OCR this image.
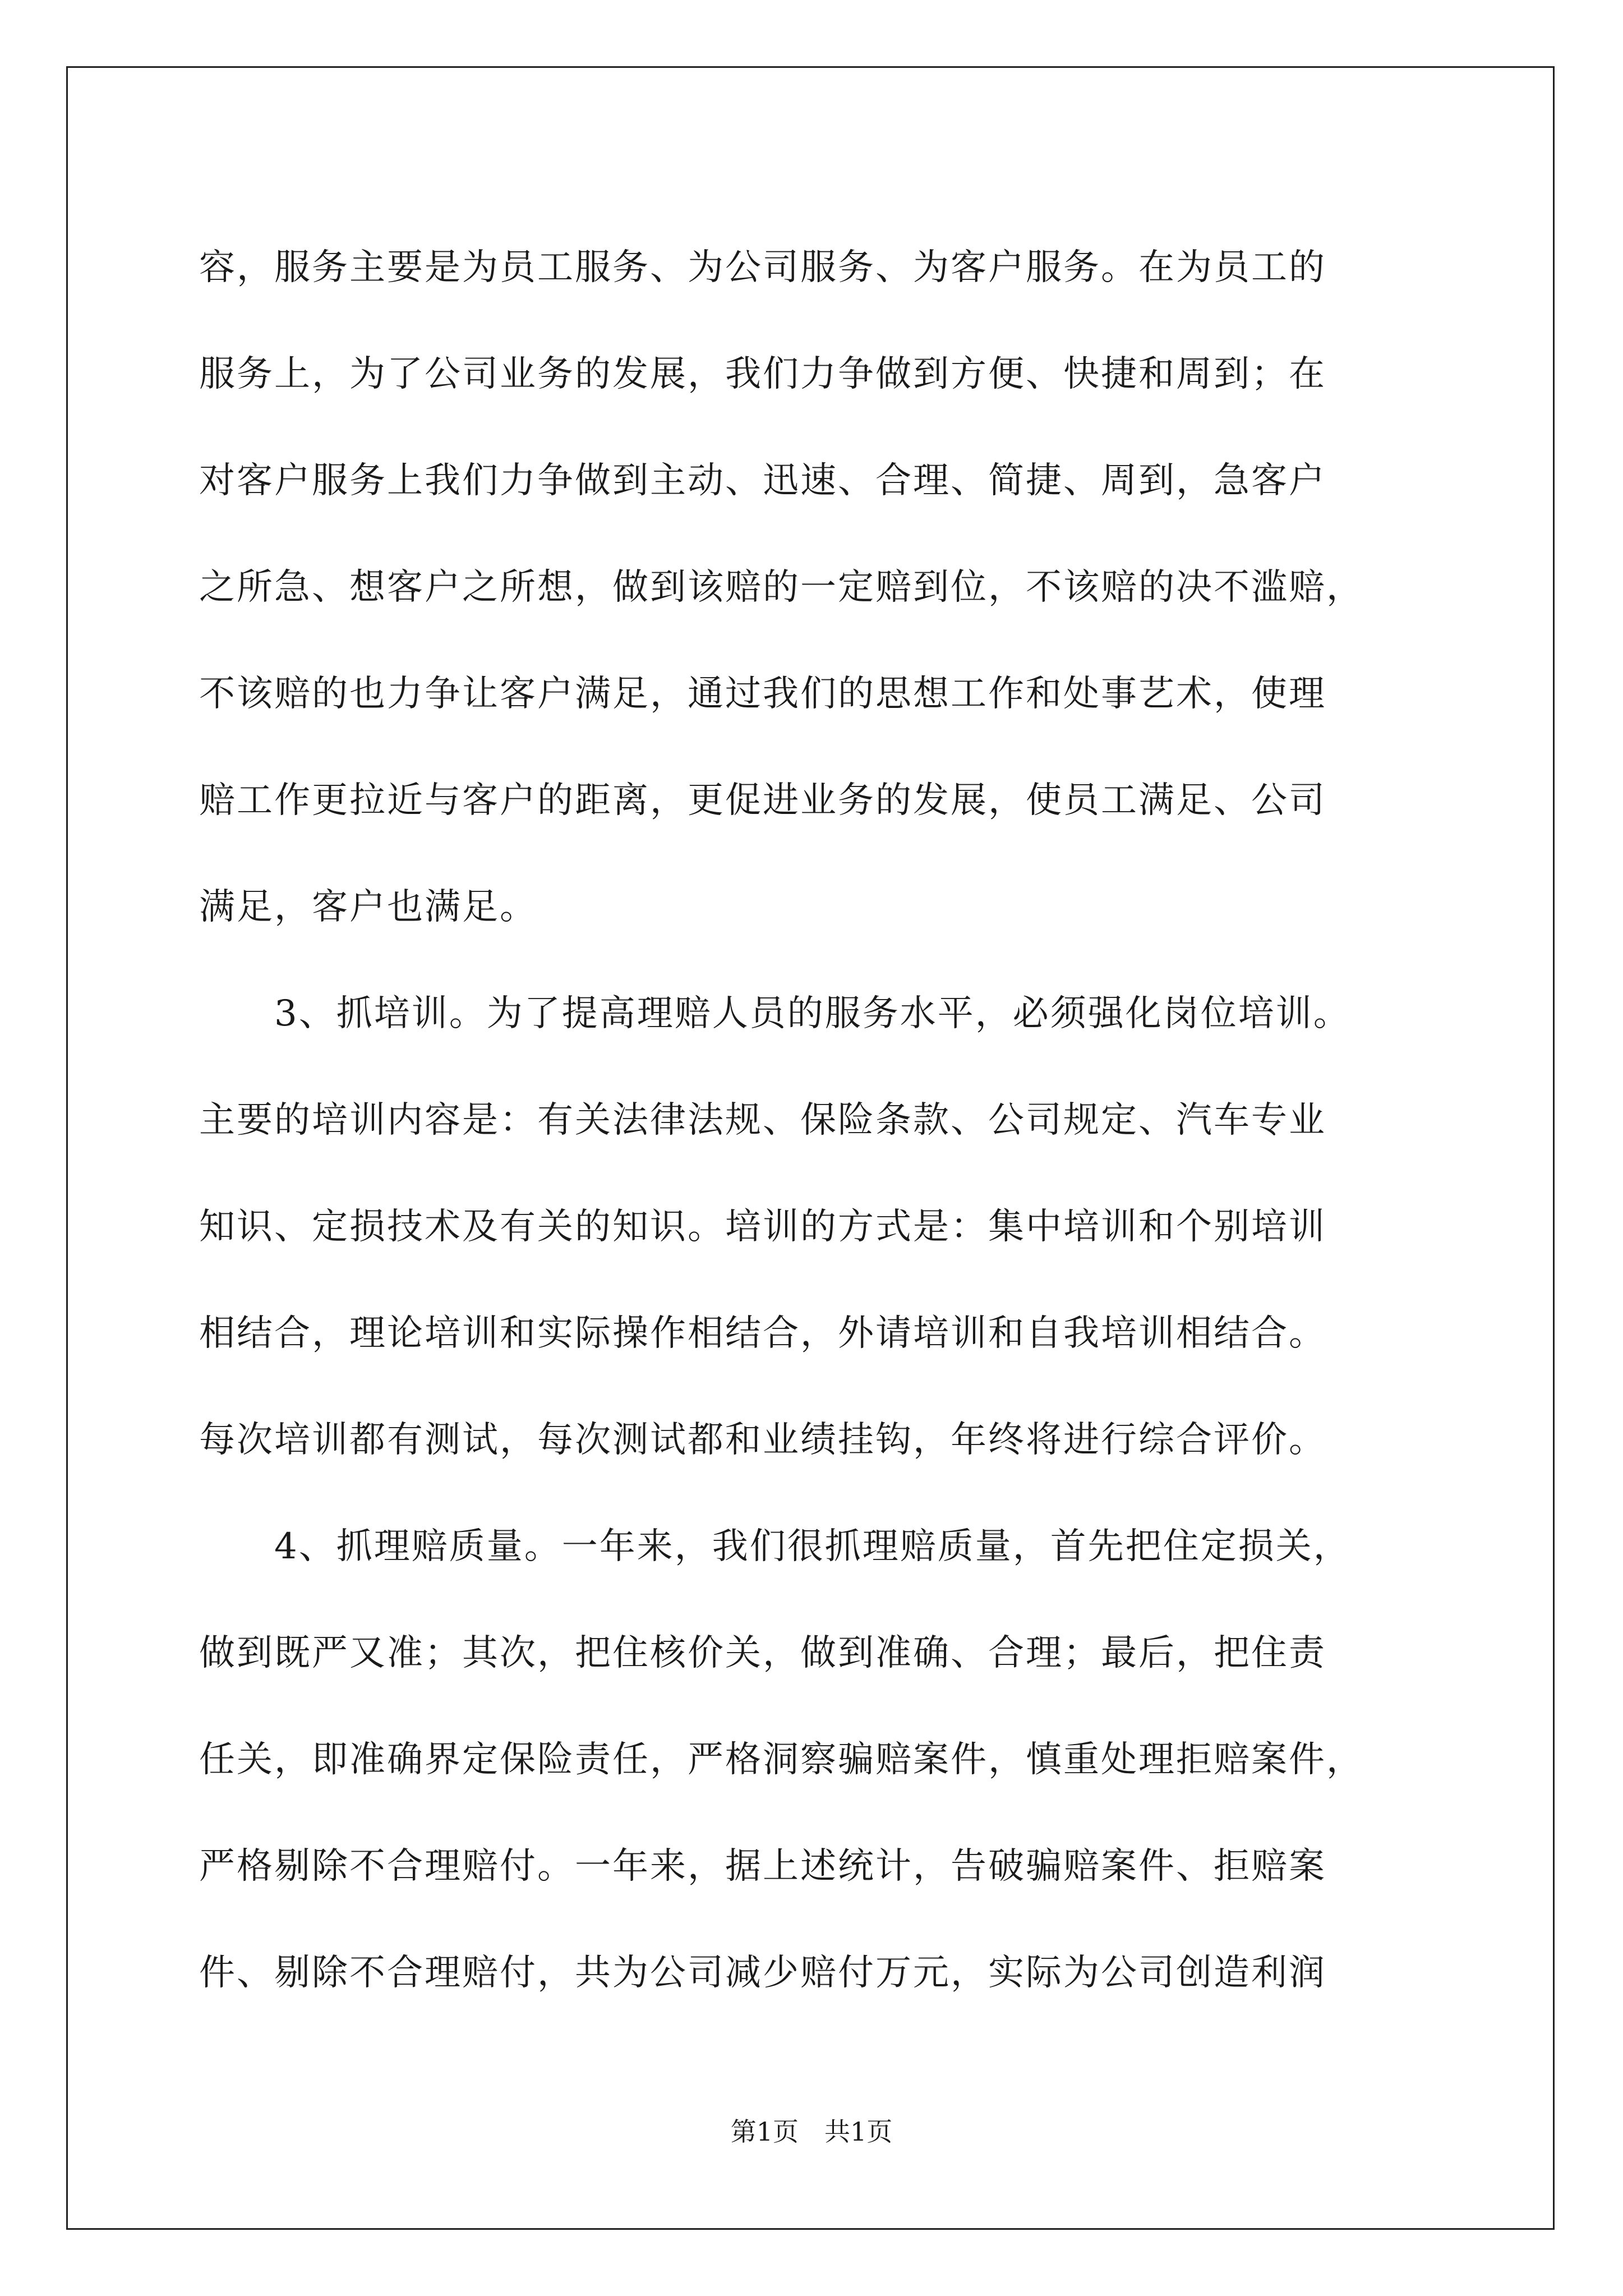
容，服务主要是为员工服务、为公司服务、为客户服务。在为员工的
服务上，为了公司业务的发展，我们力争做到方便、快捷和周到；在
对客户服务上我们力争做到主动、迅速、合理、简捷、周到，急客户
之所急、想客户之所想，做到该赔的一定赔到位，不该赔的决不滥赔，
不该赔的也力争让客户满足，通过我们的思想工作和处事艺术，使理
赔工作更拉近与客户的距离，更促进业务的发展，使员工满足、公司
满足，客户也满足。
　　3、抓培训。为了提高理赔人员的服务水平，必须强化岗位培训。
主要的培训内容是：有关法律法规、保险条款、公司规定、汽车专业
知识、定损技术及有关的知识。培训的方式是：集中培训和个别培训
相结合，理论培训和实际操作相结合，外请培训和自我培训相结合。
每次培训都有测试，每次测试都和业绩挂钩，年终将进行综合评价。
　　4、抓理赔质量。一年来，我们很抓理赔质量，首先把住定损关，
做到既严又准；其次，把住核价关，做到准确、合理；最后，把住责
任关，即准确界定保险责任，严格洞察骗赔案件，慎重处理拒赔案件，
严格剔除不合理赔付。一年来，据上述统计，告破骗赔案件、拒赔案
件、剔除不合理赔付，共为公司减少赔付万元，实际为公司创造利润
第1页　共1页
